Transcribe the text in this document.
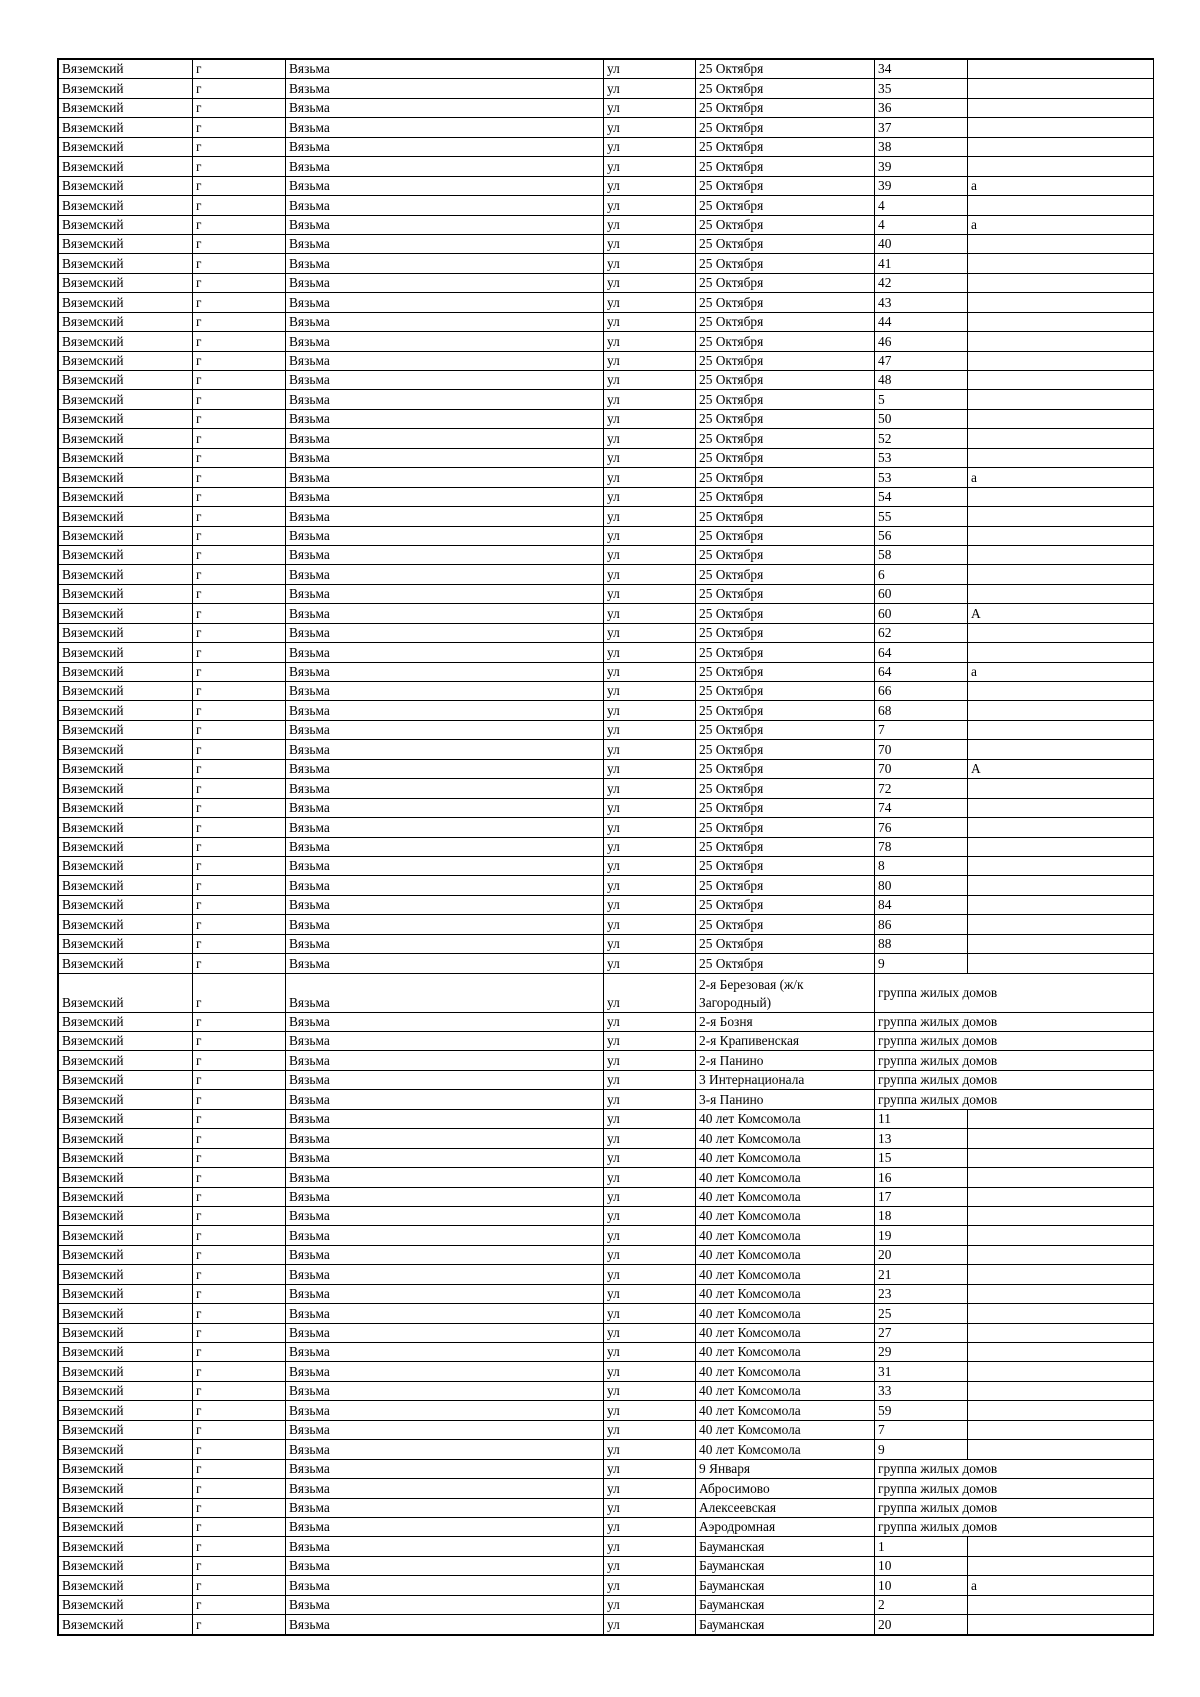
Вяземский	г	Вязьма	ул	25 Октября	34	
Вяземский	г	Вязьма	ул	25 Октября	35	
Вяземский	г	Вязьма	ул	25 Октября	36	
Вяземский	г	Вязьма	ул	25 Октября	37	
Вяземский	г	Вязьма	ул	25 Октября	38	
Вяземский	г	Вязьма	ул	25 Октября	39	
Вяземский	г	Вязьма	ул	25 Октября	39	а
Вяземский	г	Вязьма	ул	25 Октября	4	
Вяземский	г	Вязьма	ул	25 Октября	4	а
Вяземский	г	Вязьма	ул	25 Октября	40	
Вяземский	г	Вязьма	ул	25 Октября	41	
Вяземский	г	Вязьма	ул	25 Октября	42	
Вяземский	г	Вязьма	ул	25 Октября	43	
Вяземский	г	Вязьма	ул	25 Октября	44	
Вяземский	г	Вязьма	ул	25 Октября	46	
Вяземский	г	Вязьма	ул	25 Октября	47	
Вяземский	г	Вязьма	ул	25 Октября	48	
Вяземский	г	Вязьма	ул	25 Октября	5	
Вяземский	г	Вязьма	ул	25 Октября	50	
Вяземский	г	Вязьма	ул	25 Октября	52	
Вяземский	г	Вязьма	ул	25 Октября	53	
Вяземский	г	Вязьма	ул	25 Октября	53	а
Вяземский	г	Вязьма	ул	25 Октября	54	
Вяземский	г	Вязьма	ул	25 Октября	55	
Вяземский	г	Вязьма	ул	25 Октября	56	
Вяземский	г	Вязьма	ул	25 Октября	58	
Вяземский	г	Вязьма	ул	25 Октября	6	
Вяземский	г	Вязьма	ул	25 Октября	60	
Вяземский	г	Вязьма	ул	25 Октября	60	А
Вяземский	г	Вязьма	ул	25 Октября	62	
Вяземский	г	Вязьма	ул	25 Октября	64	
Вяземский	г	Вязьма	ул	25 Октября	64	а
Вяземский	г	Вязьма	ул	25 Октября	66	
Вяземский	г	Вязьма	ул	25 Октября	68	
Вяземский	г	Вязьма	ул	25 Октября	7	
Вяземский	г	Вязьма	ул	25 Октября	70	
Вяземский	г	Вязьма	ул	25 Октября	70	А
Вяземский	г	Вязьма	ул	25 Октября	72	
Вяземский	г	Вязьма	ул	25 Октября	74	
Вяземский	г	Вязьма	ул	25 Октября	76	
Вяземский	г	Вязьма	ул	25 Октября	78	
Вяземский	г	Вязьма	ул	25 Октября	8	
Вяземский	г	Вязьма	ул	25 Октября	80	
Вяземский	г	Вязьма	ул	25 Октября	84	
Вяземский	г	Вязьма	ул	25 Октября	86	
Вяземский	г	Вязьма	ул	25 Октября	88	
Вяземский	г	Вязьма	ул	25 Октября	9	
Вяземский	г	Вязьма	ул	2-я Березовая (ж/к Загородный)	группа жилых домов	
Вяземский	г	Вязьма	ул	2-я Бозня	группа жилых домов	
Вяземский	г	Вязьма	ул	2-я Крапивенская	группа жилых домов	
Вяземский	г	Вязьма	ул	2-я Панино	группа жилых домов	
Вяземский	г	Вязьма	ул	3 Интернационала	группа жилых домов	
Вяземский	г	Вязьма	ул	3-я Панино	группа жилых домов	
Вяземский	г	Вязьма	ул	40 лет Комсомола	11	
Вяземский	г	Вязьма	ул	40 лет Комсомола	13	
Вяземский	г	Вязьма	ул	40 лет Комсомола	15	
Вяземский	г	Вязьма	ул	40 лет Комсомола	16	
Вяземский	г	Вязьма	ул	40 лет Комсомола	17	
Вяземский	г	Вязьма	ул	40 лет Комсомола	18	
Вяземский	г	Вязьма	ул	40 лет Комсомола	19	
Вяземский	г	Вязьма	ул	40 лет Комсомола	20	
Вяземский	г	Вязьма	ул	40 лет Комсомола	21	
Вяземский	г	Вязьма	ул	40 лет Комсомола	23	
Вяземский	г	Вязьма	ул	40 лет Комсомола	25	
Вяземский	г	Вязьма	ул	40 лет Комсомола	27	
Вяземский	г	Вязьма	ул	40 лет Комсомола	29	
Вяземский	г	Вязьма	ул	40 лет Комсомола	31	
Вяземский	г	Вязьма	ул	40 лет Комсомола	33	
Вяземский	г	Вязьма	ул	40 лет Комсомола	59	
Вяземский	г	Вязьма	ул	40 лет Комсомола	7	
Вяземский	г	Вязьма	ул	40 лет Комсомола	9	
Вяземский	г	Вязьма	ул	9 Января	группа жилых домов	
Вяземский	г	Вязьма	ул	Абросимово	группа жилых домов	
Вяземский	г	Вязьма	ул	Алексеевская	группа жилых домов	
Вяземский	г	Вязьма	ул	Аэродромная	группа жилых домов	
Вяземский	г	Вязьма	ул	Бауманская	1	
Вяземский	г	Вязьма	ул	Бауманская	10	
Вяземский	г	Вязьма	ул	Бауманская	10	а
Вяземский	г	Вязьма	ул	Бауманская	2	
Вяземский	г	Вязьма	ул	Бауманская	20	
